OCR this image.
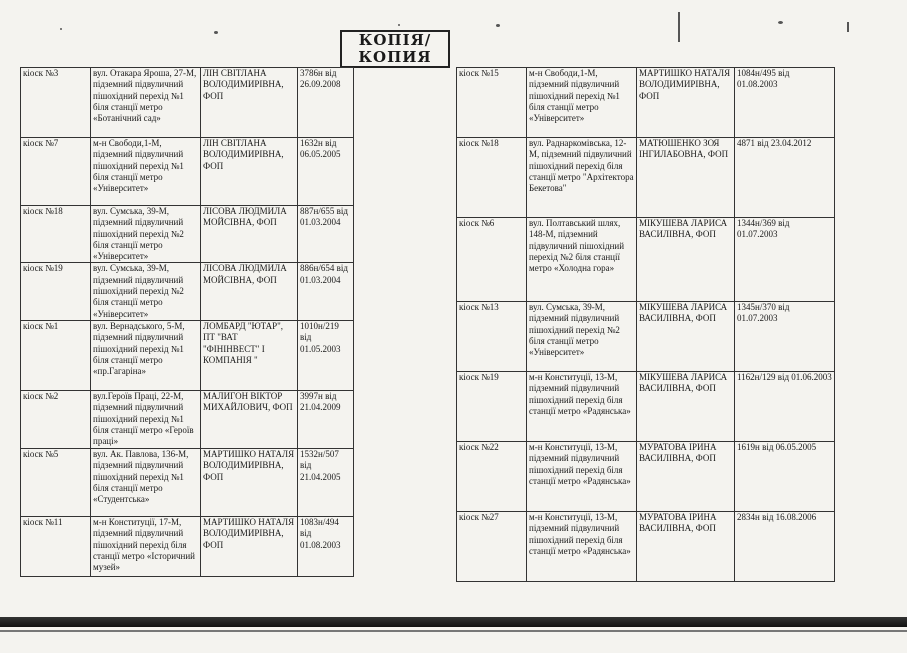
КОПІЯ/
КОПИЯ
кіоск №3	вул. Отакара Яроша, 27-М, підземний підвуличний пішохідний перехід №1 біля станції метро «Ботанічний сад»	ЛІН СВІТЛАНА ВОЛОДИМИРІВНА, ФОП	3786н від 26.09.2008
кіоск №7	м-н Свободи,1-М, підземний підвуличний пішохідний перехід №1 біля станції метро «Університет»	ЛІН СВІТЛАНА ВОЛОДИМИРІВНА, ФОП	1632н від 06.05.2005
кіоск №18	вул. Сумська, 39-М, підземний підвуличний пішохідний перехід №2 біля станції метро «Університет»	ЛІСОВА ЛЮДМИЛА МОЙСІВНА, ФОП	887н/655 від 01.03.2004
кіоск №19	вул. Сумська, 39-М, підземний підвуличний пішохідний перехід №2 біля станції метро «Університет»	ЛІСОВА ЛЮДМИЛА МОЙСІВНА, ФОП	886н/654 від 01.03.2004
кіоск №1	вул. Вернадського, 5-М, підземний підвуличний пішохідний перехід №1 біля станції метро «пр.Гагаріна»	ЛОМБАРД "ЮТАР", ПТ "ВАТ "ФІНІНВЕСТ" І КОМПАНІЯ "	1010н/219 від 01.05.2003
кіоск №2	вул.Героїв Праці, 22-М, підземний підвуличний пішохідний перехід №1 біля станції метро «Героїв праці»	МАЛИГОН ВІКТОР МИХАЙЛОВИЧ, ФОП	3997н від 21.04.2009
кіоск №5	вул. Ак. Павлова, 136-М, підземний підвуличний пішохідний перехід №1 біля станції метро «Студентська»	МАРТИШКО НАТАЛЯ ВОЛОДИМИРІВНА, ФОП	1532н/507 від 21.04.2005
кіоск №11	м-н Конституції, 17-М, підземний підвуличний пішохідний перехід біля станції метро «Історичний музей»	МАРТИШКО НАТАЛЯ ВОЛОДИМИРІВНА, ФОП	1083н/494 від 01.08.2003
кіоск №15	м-н Свободи,1-М, підземний підвуличний пішохідний перехід №1 біля станції метро «Університет»	МАРТИШКО НАТАЛЯ ВОЛОДИМИРІВНА, ФОП	1084н/495 від 01.08.2003
кіоск №18	вул. Раднаркомівська, 12-М, підземний підвуличний пішохідний перехід біля станції метро "Архітектора Бекетова"	МАТЮШЕНКО ЗОЯ ІНГИЛАБОВНА, ФОП	4871 від 23.04.2012
кіоск №6	вул. Полтавський шлях, 148-М, підземний підвуличний пішохідний перехід №2 біля станції метро «Холодна гора»	МІКУШЕВА ЛАРИСА ВАСИЛІВНА, ФОП	1344н/369 від 01.07.2003
кіоск №13	вул. Сумська, 39-М, підземний підвуличний пішохідний перехід №2 біля станції метро «Університет»	МІКУШЕВА ЛАРИСА ВАСИЛІВНА, ФОП	1345н/370 від 01.07.2003
кіоск №19	м-н Конституції, 13-М, підземний підвуличний пішохідний перехід біля станції метро «Радянська»	МІКУШЕВА ЛАРИСА ВАСИЛІВНА, ФОП	1162н/129 від 01.06.2003
кіоск №22	м-н Конституції, 13-М, підземний підвуличний пішохідний перехід біля станції метро «Радянська»	МУРАТОВА ІРИНА ВАСИЛІВНА, ФОП	1619н від 06.05.2005
кіоск №27	м-н Конституції, 13-М, підземний підвуличний пішохідний перехід біля станції метро «Радянська»	МУРАТОВА ІРИНА ВАСИЛІВНА, ФОП	2834н від 16.08.2006
